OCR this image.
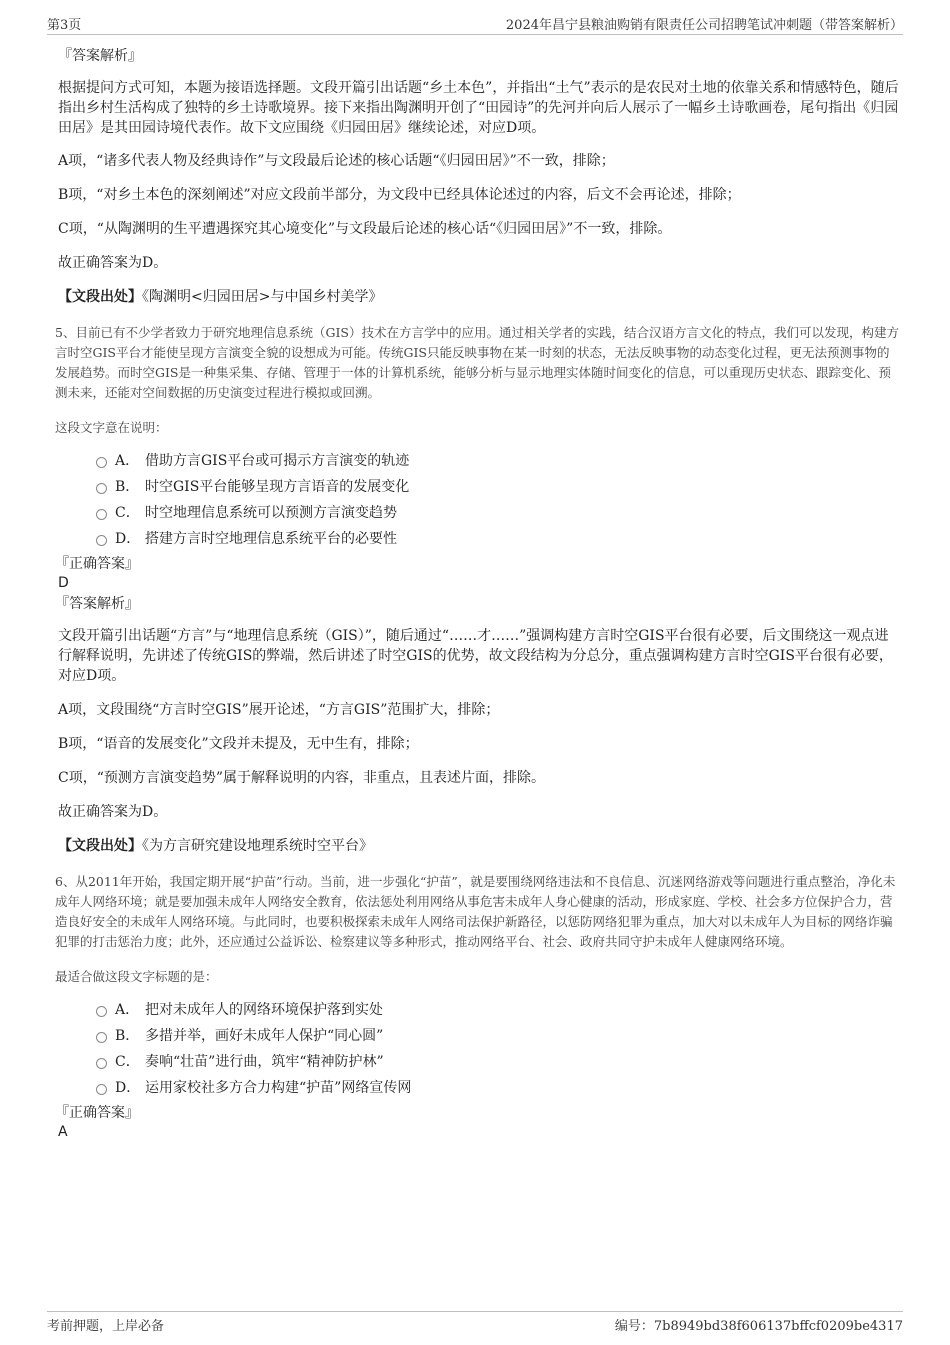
第3页	2024年昌宁县粮油购销有限责任公司招聘笔试冲刺题（带答案解析）

『答案解析』

根据提问方式可知，本题为接语选择题。文段开篇引出话题“乡土本色”，并指出“土气”表示的是农民对土地的依靠关系和情感特色，随后指出乡村生活构成了独特的乡土诗歌境界。接下来指出陶渊明开创了“田园诗”的先河并向后人展示了一幅乡土诗歌画卷，尾句指出《归园田居》是其田园诗境代表作。故下文应围绕《归园田居》继续论述，对应D项。

A项，“诸多代表人物及经典诗作”与文段最后论述的核心话题“《归园田居》”不一致，排除；

B项，“对乡土本色的深刻阐述”对应文段前半部分，为文段中已经具体论述过的内容，后文不会再论述，排除；

C项，“从陶渊明的生平遭遇探究其心境变化”与文段最后论述的核心话“《归园田居》”不一致，排除。

故正确答案为D。

【文段出处】《陶渊明<归园田居>与中国乡村美学》

5、目前已有不少学者致力于研究地理信息系统（GIS）技术在方言学中的应用。通过相关学者的实践，结合汉语方言文化的特点，我们可以发现，构建方言时空GIS平台才能使呈现方言演变全貌的设想成为可能。传统GIS只能反映事物在某一时刻的状态，无法反映事物的动态变化过程，更无法预测事物的发展趋势。而时空GIS是一种集采集、存储、管理于一体的计算机系统，能够分析与显示地理实体随时间变化的信息，可以重现历史状态、跟踪变化、预测未来，还能对空间数据的历史演变过程进行模拟或回溯。

这段文字意在说明：

A． 借助方言GIS平台或可揭示方言演变的轨迹
B． 时空GIS平台能够呈现方言语音的发展变化
C． 时空地理信息系统可以预测方言演变趋势
D． 搭建方言时空地理信息系统平台的必要性

『正确答案』

D

『答案解析』

文段开篇引出话题“方言”与“地理信息系统（GIS）”，随后通过“……才……”强调构建方言时空GIS平台很有必要，后文围绕这一观点进行解释说明，先讲述了传统GIS的弊端，然后讲述了时空GIS的优势，故文段结构为分总分，重点强调构建方言时空GIS平台很有必要，对应D项。

A项，文段围绕“方言时空GIS”展开论述，“方言GIS”范围扩大，排除；

B项，“语音的发展变化”文段并未提及，无中生有，排除；

C项，“预测方言演变趋势”属于解释说明的内容，非重点，且表述片面，排除。

故正确答案为D。

【文段出处】《为方言研究建设地理系统时空平台》

6、从2011年开始，我国定期开展“护苗”行动。当前，进一步强化“护苗”，就是要围绕网络违法和不良信息、沉迷网络游戏等问题进行重点整治，净化未成年人网络环境；就是要加强未成年人网络安全教育，依法惩处利用网络从事危害未成年人身心健康的活动，形成家庭、学校、社会多方位保护合力，营造良好安全的未成年人网络环境。与此同时，也要积极探索未成年人网络司法保护新路径，以惩防网络犯罪为重点，加大对以未成年人为目标的网络诈骗犯罪的打击惩治力度；此外，还应通过公益诉讼、检察建议等多种形式，推动网络平台、社会、政府共同守护未成年人健康网络环境。

最适合做这段文字标题的是：

A． 把对未成年人的网络环境保护落到实处
B． 多措并举，画好未成年人保护“同心圆”
C． 奏响“壮苗”进行曲，筑牢“精神防护林”
D． 运用家校社多方合力构建“护苗”网络宣传网

『正确答案』

A

考前押题，上岸必备	编号：7b8949bd38f606137bffcf0209be4317
